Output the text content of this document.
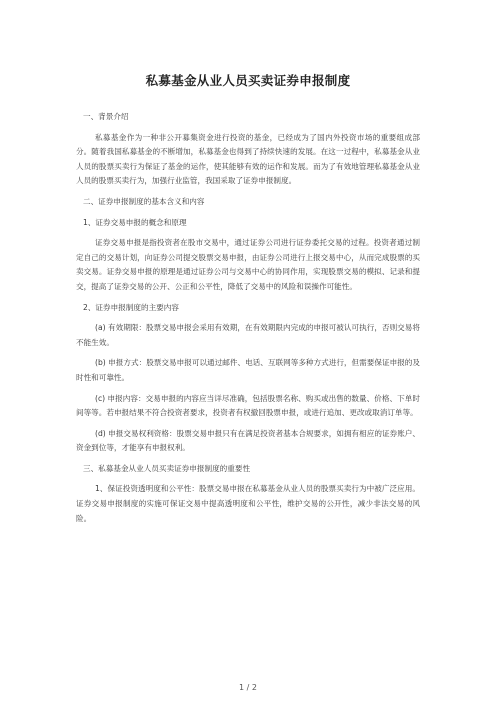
私募基金从业人员买卖证券申报制度
一、背景介绍
私募基金作为一种非公开募集资金进行投资的基金，已经成为了国内外投资市场的重要组成部分。随着我国私募基金的不断增加，私募基金也得到了持续快速的发展。在这一过程中，私募基金从业人员的股票买卖行为保证了基金的运作，使其能够有效的运作和发展。而为了有效地管理私募基金从业人员的股票买卖行为，加强行业监管，我国采取了证券申报制度。
二、证券申报制度的基本含义和内容
1、证券交易申报的概念和原理
证券交易申报是指投资者在股市交易中，通过证券公司进行证券委托交易的过程。投资者通过制定自己的交易计划，向证券公司提交股票交易申报，由证券公司进行上报交易中心，从而完成股票的买卖交易。证券交易申报的原理是通过证券公司与交易中心的协同作用，实现股票交易的模拟、记录和提交，提高了证券交易的公开、公正和公平性，降低了交易中的风险和误操作可能性。
2、证券申报制度的主要内容
(a) 有效期限：股票交易申报会采用有效期，在有效期限内完成的申报可被认可执行，否则交易将不能生效。
(b) 申报方式：股票交易申报可以通过邮件、电话、互联网等多种方式进行，但需要保证申报的及时性和可靠性。
(c) 申报内容：交易申报的内容应当详尽准确，包括股票名称、购买或出售的数量、价格、下单时间等等。若申报结果不符合投资者要求，投资者有权撤回股票申报，或进行追加、更改或取消订单等。
(d) 申报交易权利资格：股票交易申报只有在满足投资者基本合规要求，如拥有相应的证券账户、资金到位等，才能享有申报权利。
三、私募基金从业人员买卖证券申报制度的重要性
1、保证投资透明度和公平性：股票交易申报在私募基金从业人员的股票买卖行为中被广泛应用。证券交易申报制度的实施可保证交易中提高透明度和公平性，维护交易的公开性，减少非法交易的风险。
1 / 2
